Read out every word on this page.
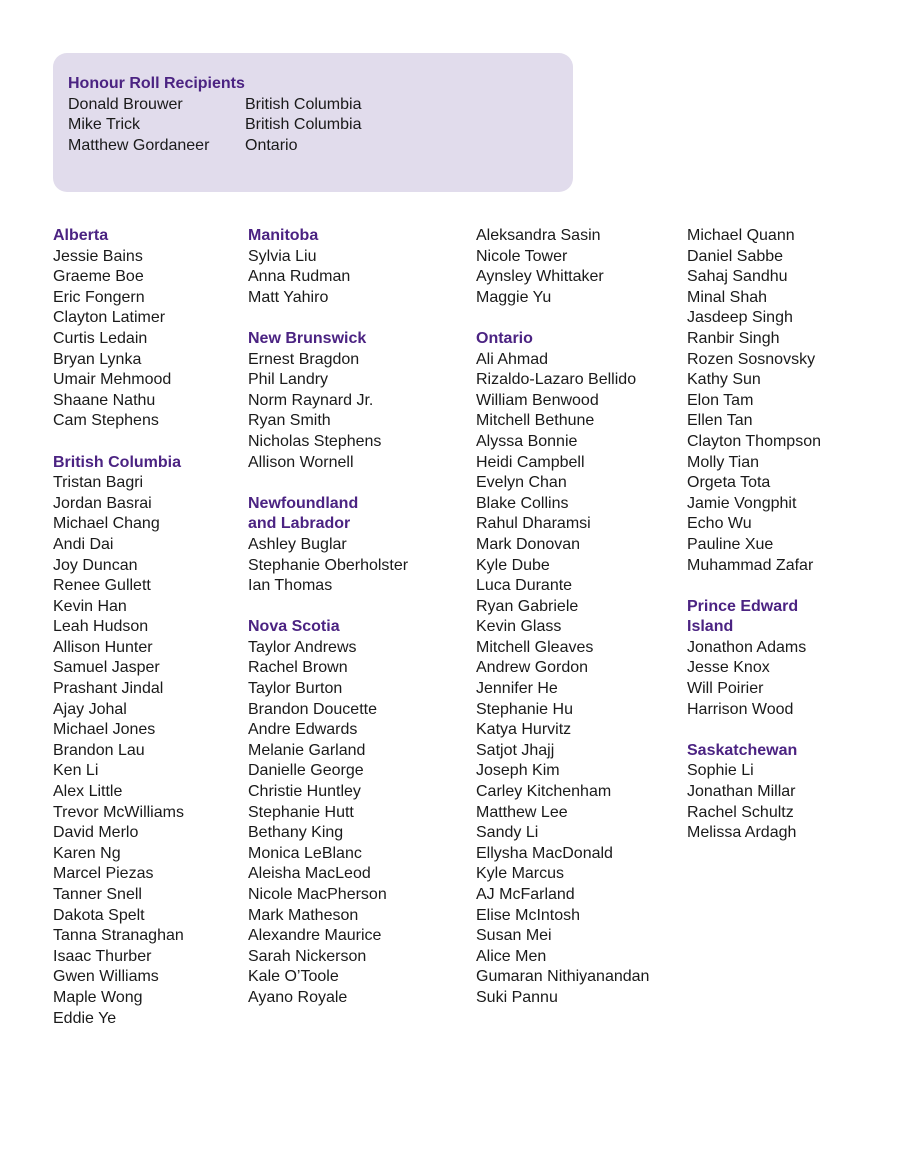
Honour Roll Recipients
Donald Brouwer	British Columbia
Mike Trick	British Columbia
Matthew Gordaneer	Ontario
Alberta
Jessie Bains
Graeme Boe
Eric Fongern
Clayton Latimer
Curtis Ledain
Bryan Lynka
Umair Mehmood
Shaane Nathu
Cam Stephens
British Columbia
Tristan Bagri
Jordan Basrai
Michael Chang
Andi Dai
Joy Duncan
Renee Gullett
Kevin Han
Leah Hudson
Allison Hunter
Samuel Jasper
Prashant Jindal
Ajay Johal
Michael Jones
Brandon Lau
Ken Li
Alex Little
Trevor McWilliams
David Merlo
Karen Ng
Marcel Piezas
Tanner Snell
Dakota Spelt
Tanna Stranaghan
Isaac Thurber
Gwen Williams
Maple Wong
Eddie Ye
Manitoba
Sylvia Liu
Anna Rudman
Matt Yahiro
New Brunswick
Ernest Bragdon
Phil Landry
Norm Raynard Jr.
Ryan Smith
Nicholas Stephens
Allison Wornell
Newfoundland
and Labrador
Ashley Buglar
Stephanie Oberholster
Ian Thomas
Nova Scotia
Taylor Andrews
Rachel Brown
Taylor Burton
Brandon Doucette
Andre Edwards
Melanie Garland
Danielle George
Christie Huntley
Stephanie Hutt
Bethany King
Monica LeBlanc
Aleisha MacLeod
Nicole MacPherson
Mark Matheson
Alexandre Maurice
Sarah Nickerson
Kale O’Toole
Ayano Royale
Aleksandra Sasin
Nicole Tower
Aynsley Whittaker
Maggie Yu
Ontario
Ali Ahmad
Rizaldo-Lazaro Bellido
William Benwood
Mitchell Bethune
Alyssa Bonnie
Heidi Campbell
Evelyn Chan
Blake Collins
Rahul Dharamsi
Mark Donovan
Kyle Dube
Luca Durante
Ryan Gabriele
Kevin Glass
Mitchell Gleaves
Andrew Gordon
Jennifer He
Stephanie Hu
Katya Hurvitz
Satjot Jhajj
Joseph Kim
Carley Kitchenham
Matthew Lee
Sandy Li
Ellysha MacDonald
Kyle Marcus
AJ McFarland
Elise McIntosh
Susan Mei
Alice Men
Gumaran Nithiyanandan
Suki Pannu
Michael Quann
Daniel Sabbe
Sahaj Sandhu
Minal Shah
Jasdeep Singh
Ranbir Singh
Rozen Sosnovsky
Kathy Sun
Elon Tam
Ellen Tan
Clayton Thompson
Molly Tian
Orgeta Tota
Jamie Vongphit
Echo Wu
Pauline Xue
Muhammad Zafar
Prince Edward
Island
Jonathon Adams
Jesse Knox
Will Poirier
Harrison Wood
Saskatchewan
Sophie Li
Jonathan Millar
Rachel Schultz
Melissa Ardagh
